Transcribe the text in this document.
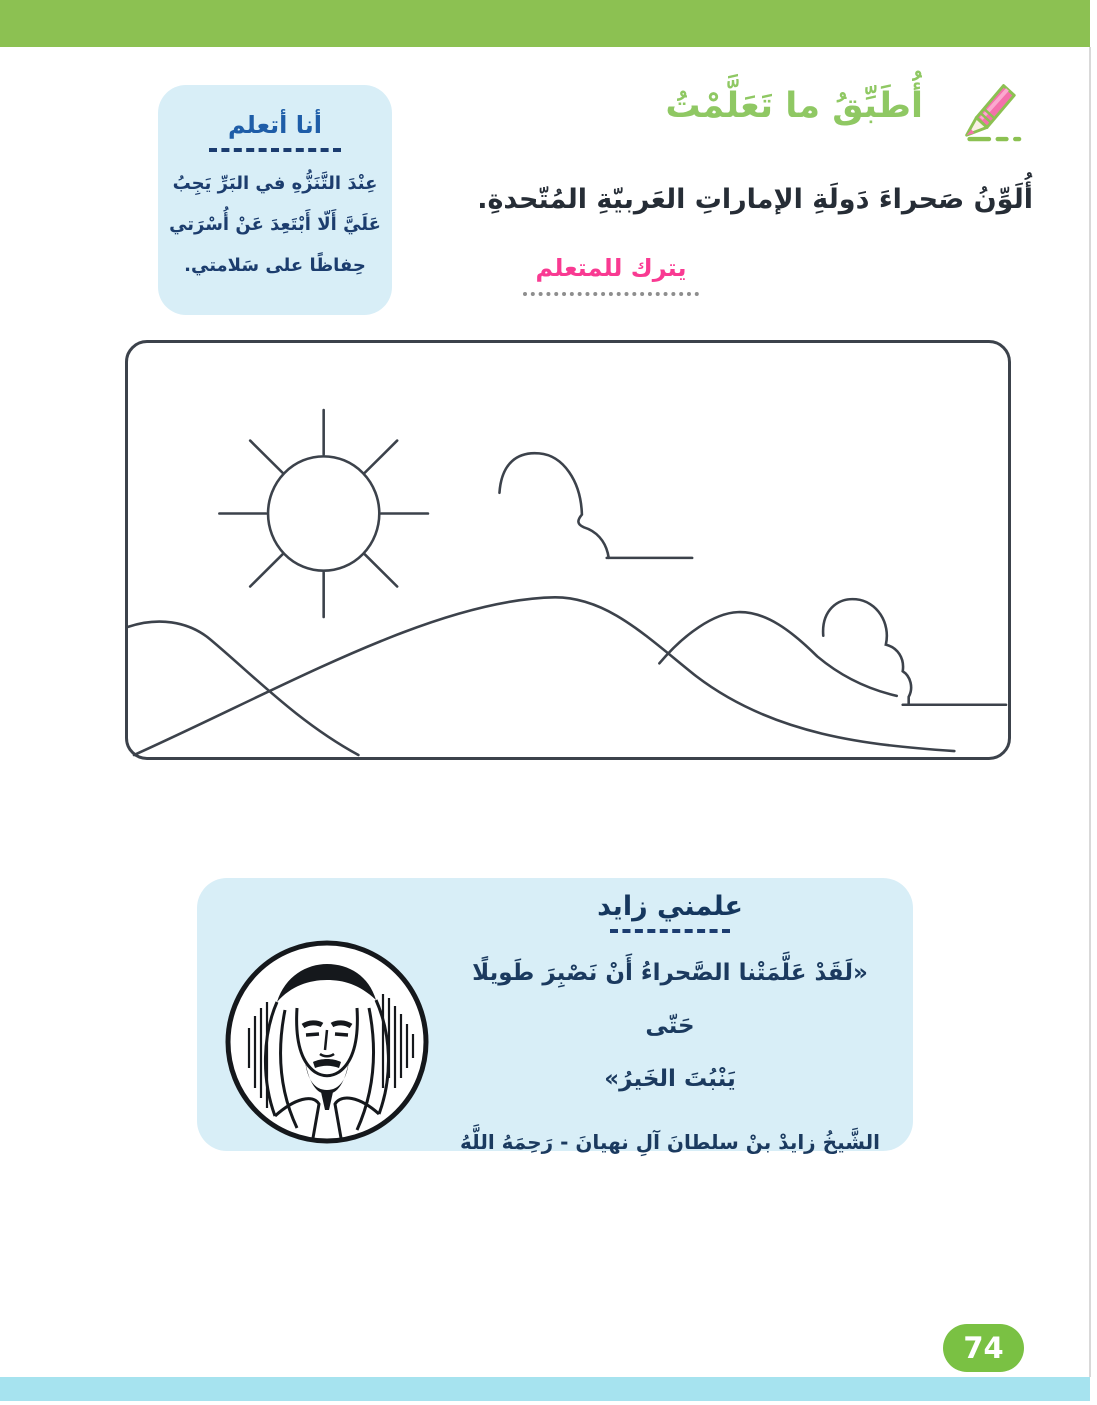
أُطَبِّقُ ما تَعَلَّمْتُ
أنا أتعلم
عِنْدَ التَّنَزُّهِ في البَرِّ يَجِبُ
عَلَيَّ أَلّا أَبْتَعِدَ عَنْ أُسْرَتي
حِفاظًا على سَلامتي.
أُلَوِّنُ صَحراءَ دَولَةِ الإماراتِ العَربيّةِ المُتّحدةِ.
يترك للمتعلم
علمني زايد
«لَقَدْ عَلَّمَتْنا الصَّحراءُ أَنْ نَصْبِرَ طَويلًا حَتّى
يَنْبُتَ الخَيرُ»
الشَّيخُ زايدْ بنْ سلطانَ آلِ نهيانَ - رَحِمَهُ اللَّهُ
74
